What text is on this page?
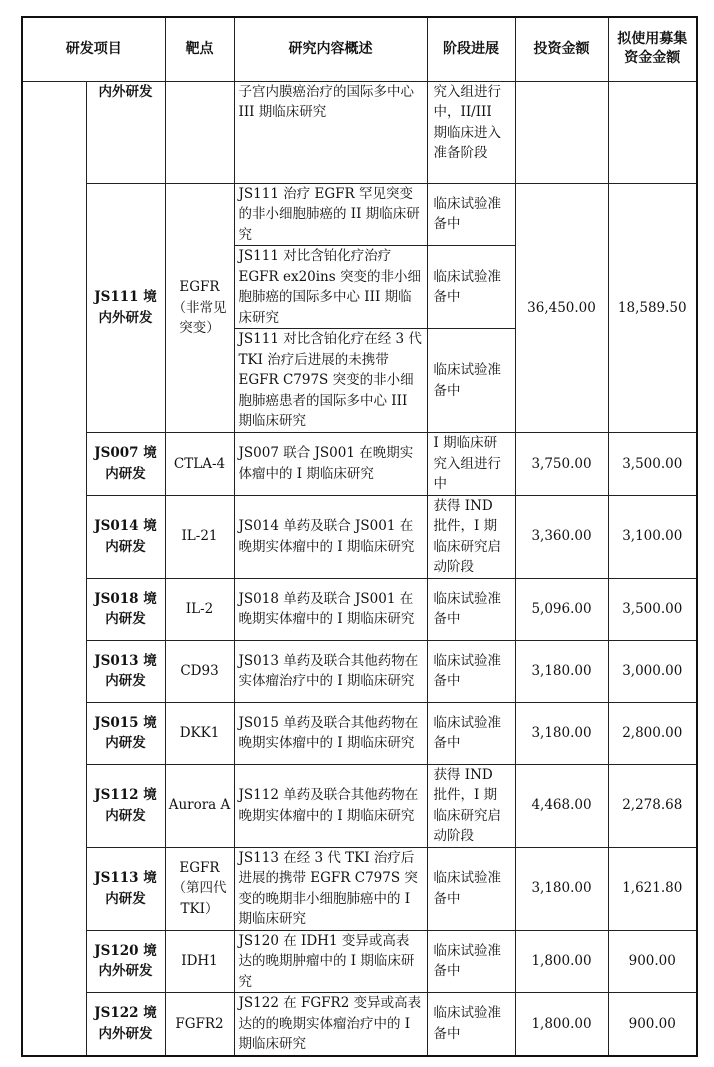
研发项目		靶点	研究内容概述	阶段进展	投资金额	拟使用募集资金金额
	内外研发		子宫内膜癌治疗的国际多中心 III 期临床研究	究入组进行中，II/III 期临床进入准备阶段		
	JS111 境内外研发	EGFR（非常见突变）	JS111 治疗 EGFR 罕见突变的非小细胞肺癌的 II 期临床研究	临床试验准备中	36,450.00	18,589.50
			JS111 对比含铂化疗治疗 EGFR ex20ins 突变的非小细胞肺癌的国际多中心 III 期临床研究	临床试验准备中		
			JS111 对比含铂化疗在经 3 代 TKI 治疗后进展的未携带 EGFR C797S 突变的非小细胞肺癌患者的国际多中心 III 期临床研究	临床试验准备中		
	JS007 境内研发	CTLA-4	JS007 联合 JS001 在晚期实体瘤中的 I 期临床研究	I 期临床研究入组进行中	3,750.00	3,500.00
	JS014 境内研发	IL-21	JS014 单药及联合 JS001 在晚期实体瘤中的 I 期临床研究	获得 IND 批件，I 期临床研究启动阶段	3,360.00	3,100.00
	JS018 境内研发	IL-2	JS018 单药及联合 JS001 在晚期实体瘤中的 I 期临床研究	临床试验准备中	5,096.00	3,500.00
	JS013 境内研发	CD93	JS013 单药及联合其他药物在实体瘤治疗中的 I 期临床研究	临床试验准备中	3,180.00	3,000.00
	JS015 境内研发	DKK1	JS015 单药及联合其他药物在晚期实体瘤中的 I 期临床研究	临床试验准备中	3,180.00	2,800.00
	JS112 境内研发	Aurora A	JS112 单药及联合其他药物在晚期实体瘤中的 I 期临床研究	获得 IND 批件，I 期临床研究启动阶段	4,468.00	2,278.68
	JS113 境内研发	EGFR（第四代 TKI）	JS113 在经 3 代 TKI 治疗后进展的携带 EGFR C797S 突变的晚期非小细胞肺癌中的 I 期临床研究	临床试验准备中	3,180.00	1,621.80
	JS120 境内外研发	IDH1	JS120 在 IDH1 变异或高表达的晚期肿瘤中的 I 期临床研究	临床试验准备中	1,800.00	900.00
	JS122 境内外研发	FGFR2	JS122 在 FGFR2 变异或高表达的的晚期实体瘤治疗中的 I 期临床研究	临床试验准备中	1,800.00	900.00
